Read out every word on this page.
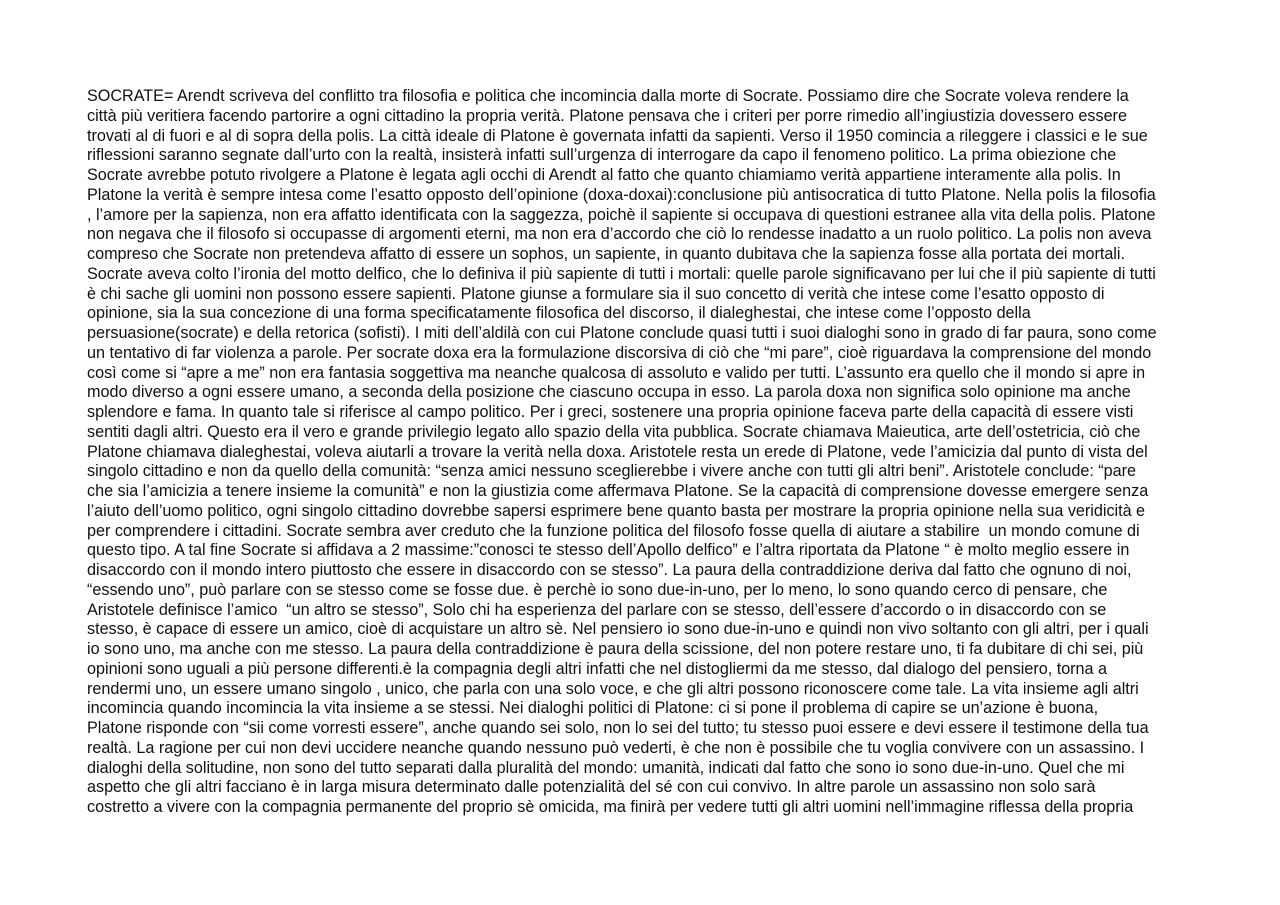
SOCRATE= Arendt scriveva del conflitto tra filosofia e politica che incomincia dalla morte di Socrate. Possiamo dire che Socrate voleva rendere la
città più veritiera facendo partorire a ogni cittadino la propria verità. Platone pensava che i criteri per porre rimedio all’ingiustizia dovessero essere
trovati al di fuori e al di sopra della polis. La città ideale di Platone è governata infatti da sapienti. Verso il 1950 comincia a rileggere i classici e le sue
riflessioni saranno segnate dall’urto con la realtà, insisterà infatti sull’urgenza di interrogare da capo il fenomeno politico. La prima obiezione che
Socrate avrebbe potuto rivolgere a Platone è legata agli occhi di Arendt al fatto che quanto chiamiamo verità appartiene interamente alla polis. In
Platone la verità è sempre intesa come l’esatto opposto dell’opinione (doxa-doxai):conclusione più antisocratica di tutto Platone. Nella polis la filosofia
, l’amore per la sapienza, non era affatto identificata con la saggezza, poichè il sapiente si occupava di questioni estranee alla vita della polis. Platone
non negava che il filosofo si occupasse di argomenti eterni, ma non era d’accordo che ciò lo rendesse inadatto a un ruolo politico. La polis non aveva
compreso che Socrate non pretendeva affatto di essere un sophos, un sapiente, in quanto dubitava che la sapienza fosse alla portata dei mortali.
Socrate aveva colto l’ironia del motto delfico, che lo definiva il più sapiente di tutti i mortali: quelle parole significavano per lui che il più sapiente di tutti
è chi sache gli uomini non possono essere sapienti. Platone giunse a formulare sia il suo concetto di verità che intese come l’esatto opposto di
opinione, sia la sua concezione di una forma specificatamente filosofica del discorso, il dialeghestai, che intese come l’opposto della
persuasione(socrate) e della retorica (sofisti). I miti dell’aldilà con cui Platone conclude quasi tutti i suoi dialoghi sono in grado di far paura, sono come
un tentativo di far violenza a parole. Per socrate doxa era la formulazione discorsiva di ciò che “mi pare”, cioè riguardava la comprensione del mondo
così come si “apre a me” non era fantasia soggettiva ma neanche qualcosa di assoluto e valido per tutti. L’assunto era quello che il mondo si apre in
modo diverso a ogni essere umano, a seconda della posizione che ciascuno occupa in esso. La parola doxa non significa solo opinione ma anche
splendore e fama. In quanto tale si riferisce al campo politico. Per i greci, sostenere una propria opinione faceva parte della capacità di essere visti
sentiti dagli altri. Questo era il vero e grande privilegio legato allo spazio della vita pubblica. Socrate chiamava Maieutica, arte dell’ostetricia, ciò che
Platone chiamava dialeghestai, voleva aiutarli a trovare la verità nella doxa. Aristotele resta un erede di Platone, vede l’amicizia dal punto di vista del
singolo cittadino e non da quello della comunità: “senza amici nessuno sceglierebbe i vivere anche con tutti gli altri beni”. Aristotele conclude: “pare
che sia l’amicizia a tenere insieme la comunità” e non la giustizia come affermava Platone. Se la capacità di comprensione dovesse emergere senza
l’aiuto dell’uomo politico, ogni singolo cittadino dovrebbe sapersi esprimere bene quanto basta per mostrare la propria opinione nella sua veridicità e
per comprendere i cittadini. Socrate sembra aver creduto che la funzione politica del filosofo fosse quella di aiutare a stabilire  un mondo comune di
questo tipo. A tal fine Socrate si affidava a 2 massime:”conosci te stesso dell’Apollo delfico” e l’altra riportata da Platone “ è molto meglio essere in
disaccordo con il mondo intero piuttosto che essere in disaccordo con se stesso”. La paura della contraddizione deriva dal fatto che ognuno di noi,
“essendo uno”, può parlare con se stesso come se fosse due. è perchè io sono due-in-uno, per lo meno, lo sono quando cerco di pensare, che
Aristotele definisce l’amico  “un altro se stesso”, Solo chi ha esperienza del parlare con se stesso, dell’essere d’accordo o in disaccordo con se
stesso, è capace di essere un amico, cioè di acquistare un altro sè. Nel pensiero io sono due-in-uno e quindi non vivo soltanto con gli altri, per i quali
io sono uno, ma anche con me stesso. La paura della contraddizione è paura della scissione, del non potere restare uno, ti fa dubitare di chi sei, più
opinioni sono uguali a più persone differenti.è la compagnia degli altri infatti che nel distogliermi da me stesso, dal dialogo del pensiero, torna a
rendermi uno, un essere umano singolo , unico, che parla con una solo voce, e che gli altri possono riconoscere come tale. La vita insieme agli altri
incomincia quando incomincia la vita insieme a se stessi. Nei dialoghi politici di Platone: ci si pone il problema di capire se un’azione è buona,
Platone risponde con “sii come vorresti essere”, anche quando sei solo, non lo sei del tutto; tu stesso puoi essere e devi essere il testimone della tua
realtà. La ragione per cui non devi uccidere neanche quando nessuno può vederti, è che non è possibile che tu voglia convivere con un assassino. I
dialoghi della solitudine, non sono del tutto separati dalla pluralità del mondo: umanità, indicati dal fatto che sono io sono due-in-uno. Quel che mi
aspetto che gli altri facciano è in larga misura determinato dalle potenzialità del sé con cui convivo. In altre parole un assassino non solo sarà
costretto a vivere con la compagnia permanente del proprio sè omicida, ma finirà per vedere tutti gli altri uomini nell’immagine riflessa della propria
